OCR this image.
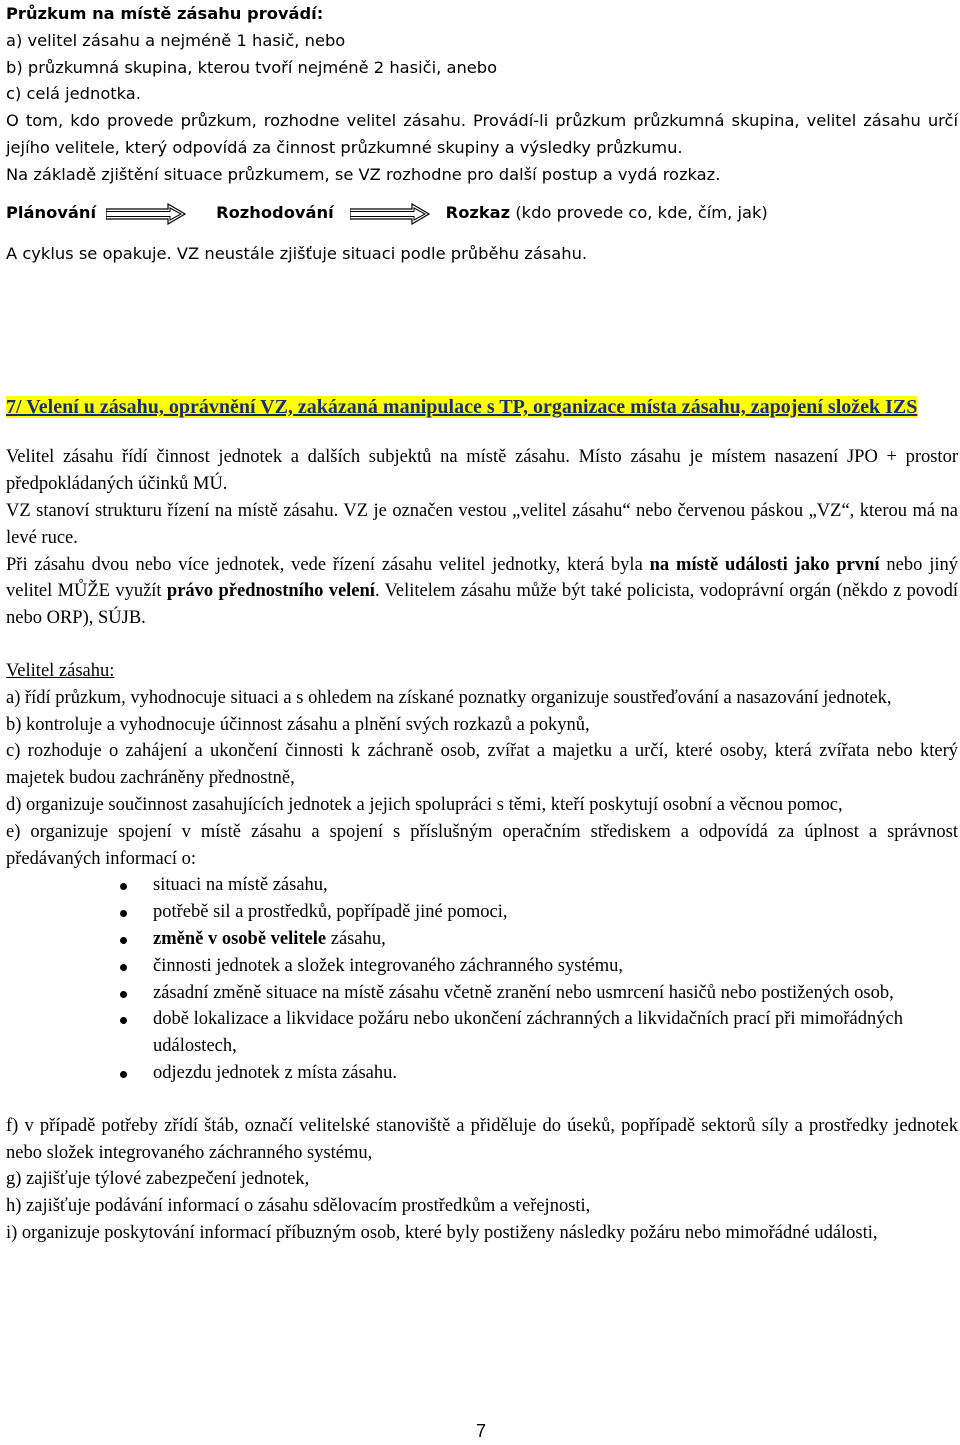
Průzkum na místě zásahu provádí:

a) velitel zásahu a nejméně 1 hasič, nebo

b) průzkumná skupina, kterou tvoří nejméně 2 hasiči, anebo

c) celá jednotka.

O tom, kdo provede průzkum, rozhodne velitel zásahu. Provádí-li průzkum průzkumná skupina, velitel zásahu určí jejího velitele, který odpovídá za činnost průzkumné skupiny a výsledky průzkumu.

Na základě zjištění situace průzkumem, se VZ rozhodne pro další postup a vydá rozkaz.

Plánování	Rozhodování	Rozkaz (kdo provede co, kde, čím, jak)

A cyklus se opakuje. VZ neustále zjišťuje situaci podle průběhu zásahu.

7/ Velení u zásahu, oprávnění VZ, zakázaná manipulace s TP, organizace místa zásahu, zapojení složek IZS

Velitel zásahu řídí činnost jednotek a dalších subjektů na místě zásahu. Místo zásahu je místem nasazení JPO + prostor předpokládaných účinků MÚ.

VZ stanoví strukturu řízení na místě zásahu. VZ je označen vestou „velitel zásahu“ nebo červenou páskou „VZ“, kterou má na levé ruce.

Při zásahu dvou nebo více jednotek, vede řízení zásahu velitel jednotky, která byla na místě události jako první nebo jiný velitel MŮŽE využít právo přednostního velení. Velitelem zásahu může být také policista, vodoprávní orgán (někdo z povodí nebo ORP), SÚJB.

Velitel zásahu:

a) řídí průzkum, vyhodnocuje situaci a s ohledem na získané poznatky organizuje soustřeďování a nasazování jednotek,

b) kontroluje a vyhodnocuje účinnost zásahu a plnění svých rozkazů a pokynů,

c) rozhoduje o zahájení a ukončení činnosti k záchraně osob, zvířat a majetku a určí, které osoby, která zvířata nebo který majetek budou zachráněny přednostně,

d) organizuje součinnost zasahujících jednotek a jejich spolupráci s těmi, kteří poskytují osobní a věcnou pomoc,

e) organizuje spojení v místě zásahu a spojení s příslušným operačním střediskem a odpovídá za úplnost a správnost předávaných informací o:

situaci na místě zásahu,
potřebě sil a prostředků, popřípadě jiné pomoci,
změně v osobě velitele zásahu,
činnosti jednotek a složek integrovaného záchranného systému,
zásadní změně situace na místě zásahu včetně zranění nebo usmrcení hasičů nebo postižených osob,
době lokalizace a likvidace požáru nebo ukončení záchranných a likvidačních prací při mimořádných událostech,
odjezdu jednotek z místa zásahu.

f) v případě potřeby zřídí štáb, označí velitelské stanoviště a přiděluje do úseků, popřípadě sektorů síly a prostředky jednotek nebo složek integrovaného záchranného systému,

g) zajišťuje týlové zabezpečení jednotek,

h) zajišťuje podávání informací o zásahu sdělovacím prostředkům a veřejnosti,

i) organizuje poskytování informací příbuzným osob, které byly postiženy následky požáru nebo mimořádné události,

7
